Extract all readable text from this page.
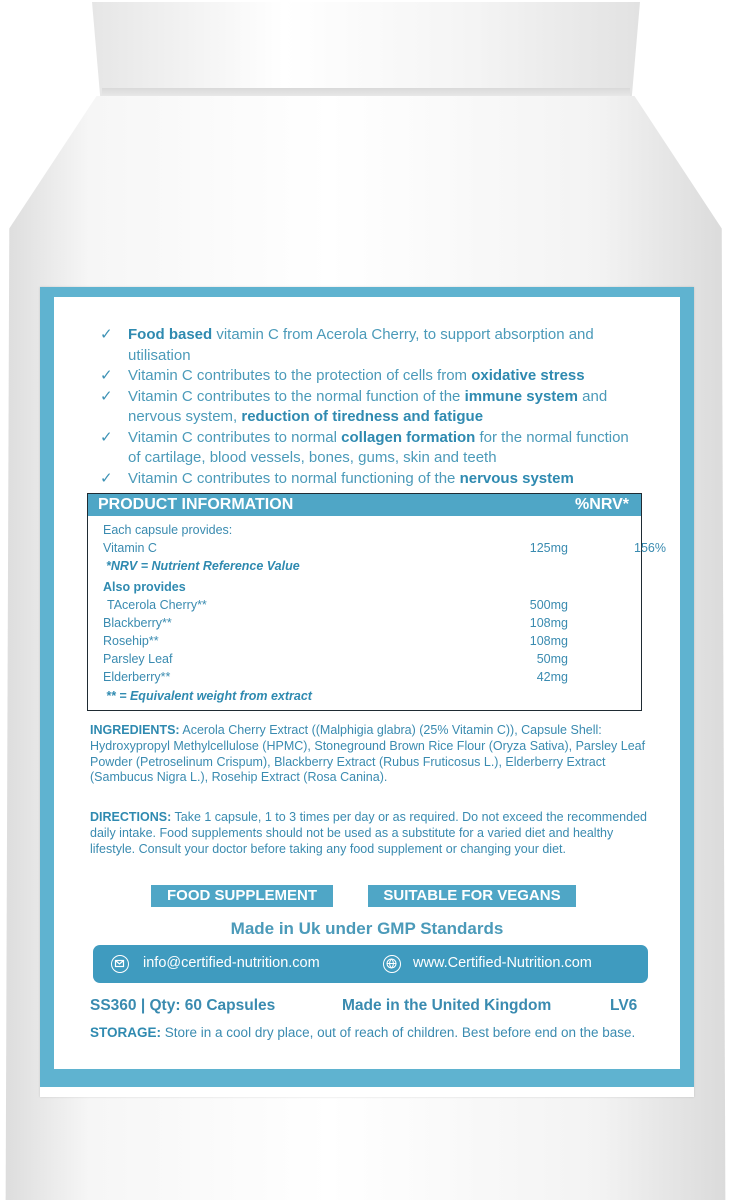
✓ Food based vitamin C from Acerola Cherry, to support absorption and utilisation
✓ Vitamin C contributes to the protection of cells from oxidative stress
✓ Vitamin C contributes to the normal function of the immune system and nervous system, reduction of tiredness and fatigue
✓ Vitamin C contributes to normal collagen formation for the normal function of cartilage, blood vessels, bones, gums, skin and teeth
✓ Vitamin C contributes to normal functioning of the nervous system
PRODUCT INFORMATION	%NRV*
Each capsule provides:
Vitamin C	125mg	156%
*NRV = Nutrient Reference Value
Also provides
TAcerola Cherry**	500mg
Blackberry**	108mg
Rosehip**	108mg
Parsley Leaf	50mg
Elderberry**	42mg
** = Equivalent weight from extract
INGREDIENTS: Acerola Cherry Extract ((Malphigia glabra) (25% Vitamin C)), Capsule Shell: Hydroxypropyl Methylcellulose (HPMC), Stoneground Brown Rice Flour (Oryza Sativa), Parsley Leaf Powder (Petroselinum Crispum), Blackberry Extract (Rubus Fruticosus L.), Elderberry Extract (Sambucus Nigra L.), Rosehip Extract (Rosa Canina).
DIRECTIONS: Take 1 capsule, 1 to 3 times per day or as required. Do not exceed the recommended daily intake. Food supplements should not be used as a substitute for a varied diet and healthy lifestyle. Consult your doctor before taking any food supplement or changing your diet.
FOOD SUPPLEMENT	SUITABLE FOR VEGANS
Made in Uk under GMP Standards
info@certified-nutrition.com	www.Certified-Nutrition.com
SS360 | Qty: 60 Capsules	Made in the United Kingdom	LV6
STORAGE: Store in a cool dry place, out of reach of children. Best before end on the base.
